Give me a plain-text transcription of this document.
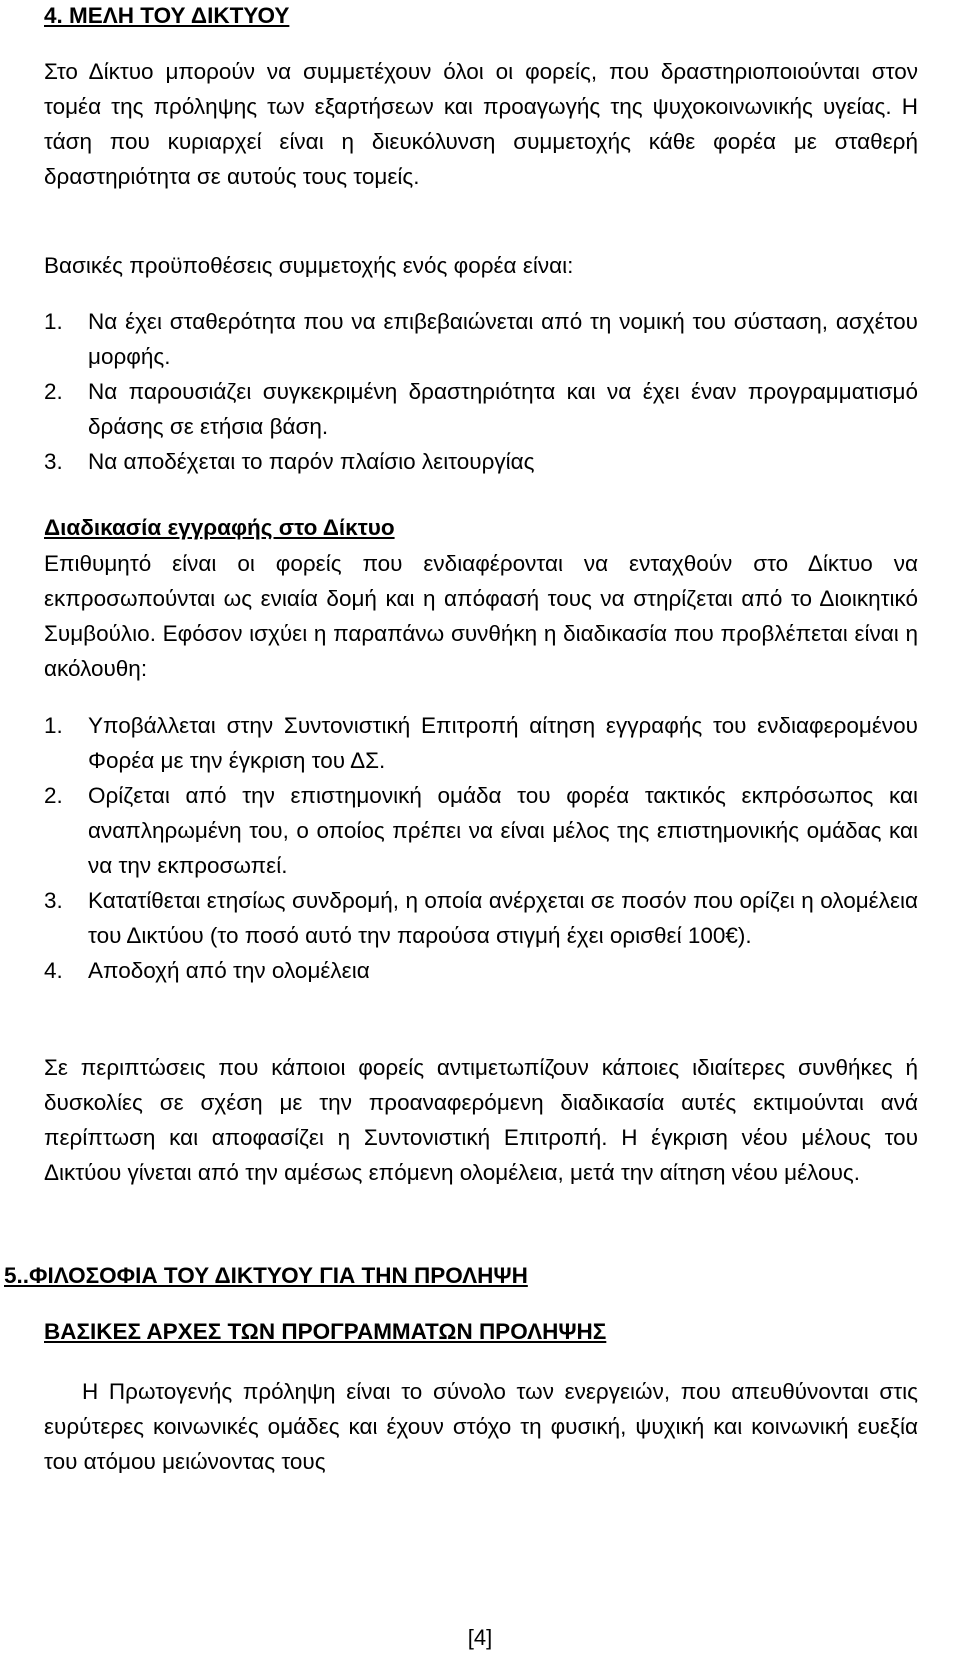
4. ΜΕΛΗ ΤΟΥ ΔΙΚΤΥΟΥ

Στο Δίκτυο μπορούν να συμμετέχουν όλοι οι φορείς, που δραστηριοποιούνται στον τομέα της πρόληψης των εξαρτήσεων και προαγωγής της ψυχοκοινωνικής υγείας. Η τάση που κυριαρχεί είναι η διευκόλυνση συμμετοχής κάθε φορέα με σταθερή δραστηριότητα σε αυτούς τους τομείς.

Βασικές προϋποθέσεις συμμετοχής ενός φορέα είναι:

1.	Να έχει σταθερότητα που να επιβεβαιώνεται από τη νομική του σύσταση, ασχέτου μορφής.
2.	Να παρουσιάζει συγκεκριμένη δραστηριότητα και να έχει έναν προγραμματισμό δράσης σε ετήσια βάση.
3.	Να αποδέχεται το παρόν πλαίσιο λειτουργίας

Διαδικασία εγγραφής στο Δίκτυο

Επιθυμητό είναι οι φορείς που ενδιαφέρονται να ενταχθούν στο Δίκτυο να εκπροσωπούνται ως ενιαία δομή και η απόφασή τους να στηρίζεται από το Διοικητικό Συμβούλιο. Εφόσον ισχύει η παραπάνω συνθήκη η διαδικασία που προβλέπεται είναι η ακόλουθη:

1.	Υποβάλλεται στην Συντονιστική Επιτροπή αίτηση εγγραφής του ενδιαφερομένου Φορέα με την έγκριση του ΔΣ.
2.	Ορίζεται από την επιστημονική ομάδα του φορέα τακτικός εκπρόσωπος και αναπληρωμένη του, ο οποίος πρέπει να είναι μέλος της επιστημονικής ομάδας και να την εκπροσωπεί.
3.	Κατατίθεται ετησίως συνδρομή, η οποία ανέρχεται σε ποσόν που ορίζει η ολομέλεια του Δικτύου (το ποσό αυτό την παρούσα στιγμή έχει ορισθεί 100€).
4.	Αποδοχή από την ολομέλεια

Σε περιπτώσεις που κάποιοι φορείς αντιμετωπίζουν κάποιες ιδιαίτερες συνθήκες ή δυσκολίες σε σχέση με την προαναφερόμενη διαδικασία αυτές εκτιμούνται ανά περίπτωση και αποφασίζει η Συντονιστική Επιτροπή. Η έγκριση νέου μέλους του Δικτύου γίνεται από την αμέσως επόμενη ολομέλεια, μετά την αίτηση νέου μέλους.

5..ΦΙΛΟΣΟΦΙΑ ΤΟΥ ΔΙΚΤΥΟΥ ΓΙΑ ΤΗΝ ΠΡΟΛΗΨΗ
ΒΑΣΙΚΕΣ ΑΡΧΕΣ ΤΩΝ ΠΡΟΓΡΑΜΜΑΤΩΝ ΠΡΟΛΗΨΗΣ

Η Πρωτογενής πρόληψη είναι το σύνολο των ενεργειών, που απευθύνονται στις ευρύτερες κοινωνικές ομάδες και έχουν στόχο τη φυσική, ψυχική και κοινωνική ευεξία του ατόμου μειώνοντας τους

[4]
